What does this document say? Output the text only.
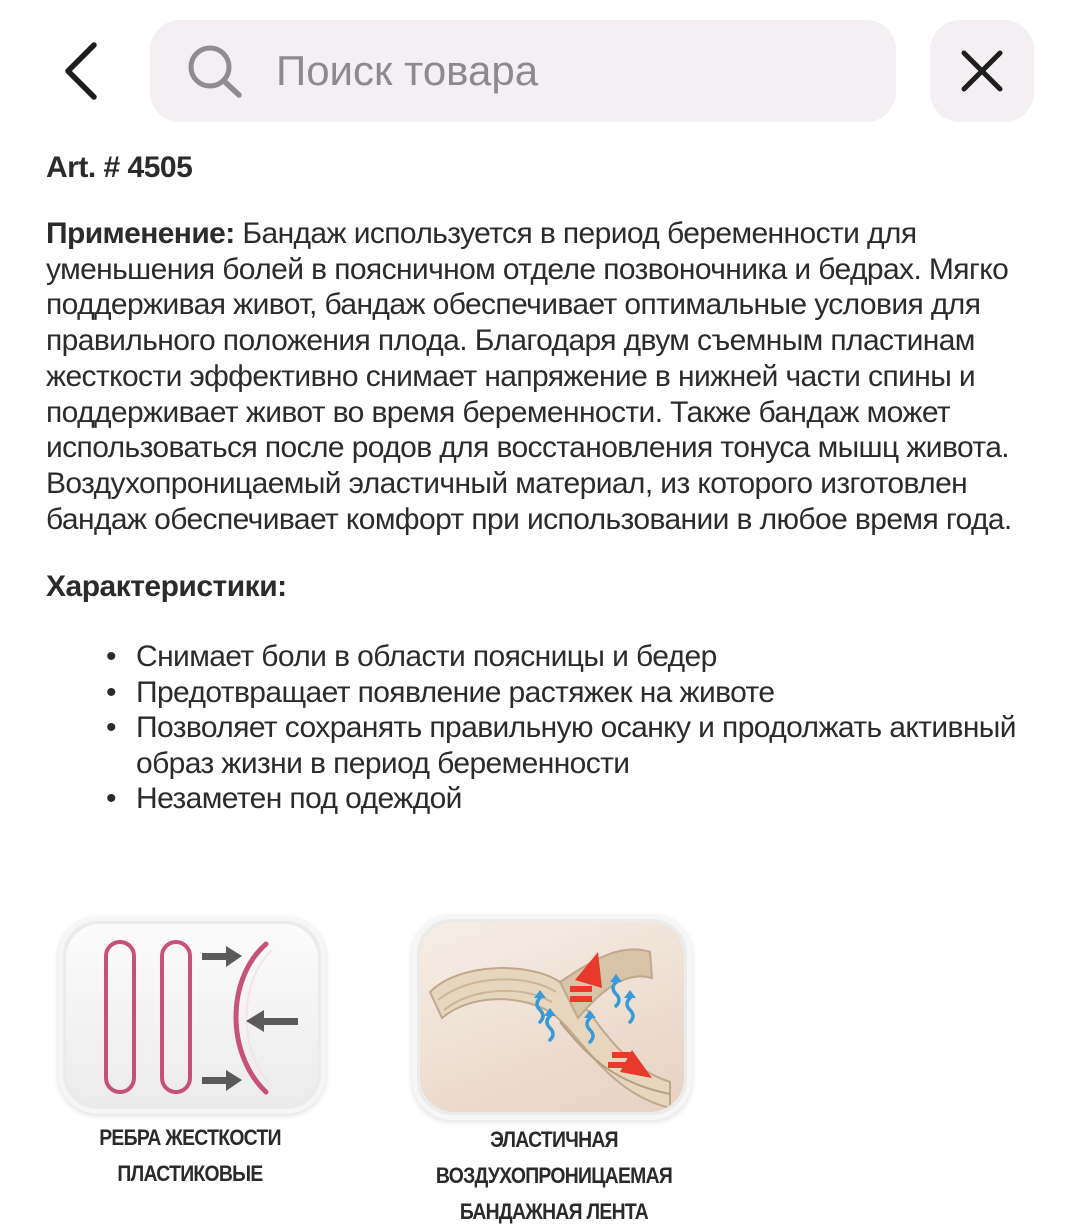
Поиск товара

Art. # 4505

Применение: Бандаж используется в период беременности для уменьшения болей в поясничном отделе позвоночника и бедрах. Мягко поддерживая живот, бандаж обеспечивает оптимальные условия для правильного положения плода. Благодаря двум съемным пластинам жесткости эффективно снимает напряжение в нижней части спины и поддерживает живот во время беременности. Также бандаж может использоваться после родов для восстановления тонуса мышц живота. Воздухопроницаемый эластичный материал, из которого изготовлен бандаж обеспечивает комфорт при использовании в любое время года.

Характеристики:

• Снимает боли в области поясницы и бедер
• Предотвращает появление растяжек на животе
• Позволяет сохранять правильную осанку и продолжать активный образ жизни в период беременности
• Незаметен под одеждой
РЕБРА ЖЕСТКОСТИ
ПЛАСТИКОВЫЕ
ЭЛАСТИЧНАЯ
ВОЗДУХОПРОНИЦАЕМАЯ
БАНДАЖНАЯ ЛЕНТА
